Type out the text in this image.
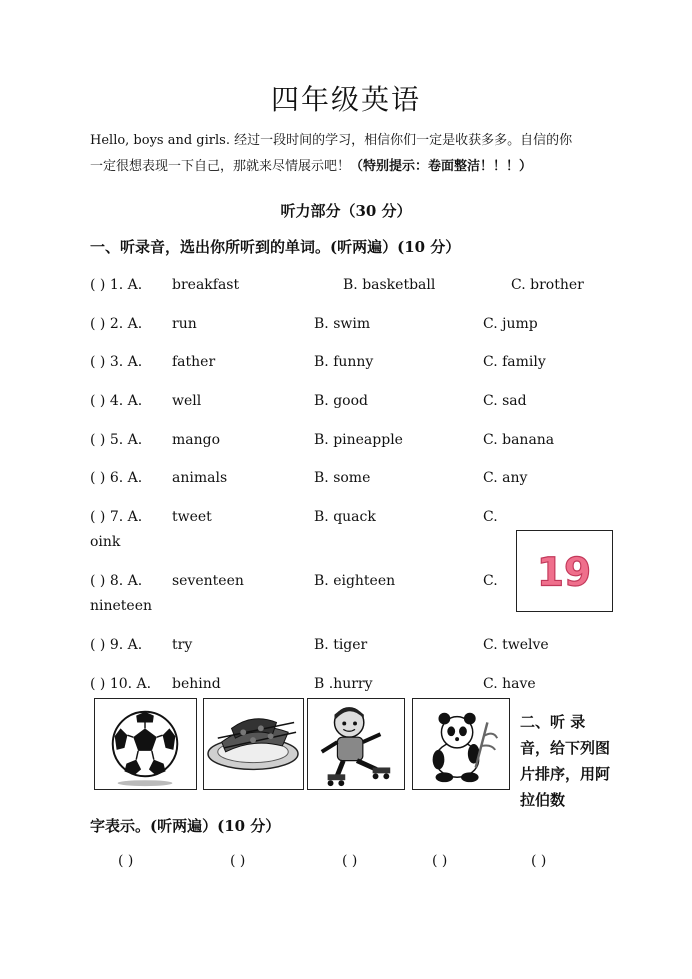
四年级英语
Hello, boys and girls. 经过一段时间的学习，相信你们一定是收获多多。自信的你
一定很想表现一下自己，那就来尽情展示吧！（特别提示：卷面整洁！！！）
听力部分（30 分）
一、听录音，选出你所听到的单词。(听两遍）(10 分）
( ) 1. A. breakfast	B. basketball	C. brother
( ) 2. A. run	B. swim	C. jump
( ) 3. A. father	B. funny	C. family
( ) 4. A. well	B. good	C. sad
( ) 5. A. mango	B. pineapple	C. banana
( ) 6. A. animals	B. some	C. any
( ) 7. A. tweet	B. quack	C.
oink
( ) 8. A. seventeen	B. eighteen	C.
nineteen
( ) 9. A. try	B. tiger	C. twelve
( ) 10. A. behind	B .hurry	C. have
19
二、听 录音，给下列图片排序，用阿拉伯数
字表示。(听两遍）(10 分）
( )	( )	( )	( )	( )
